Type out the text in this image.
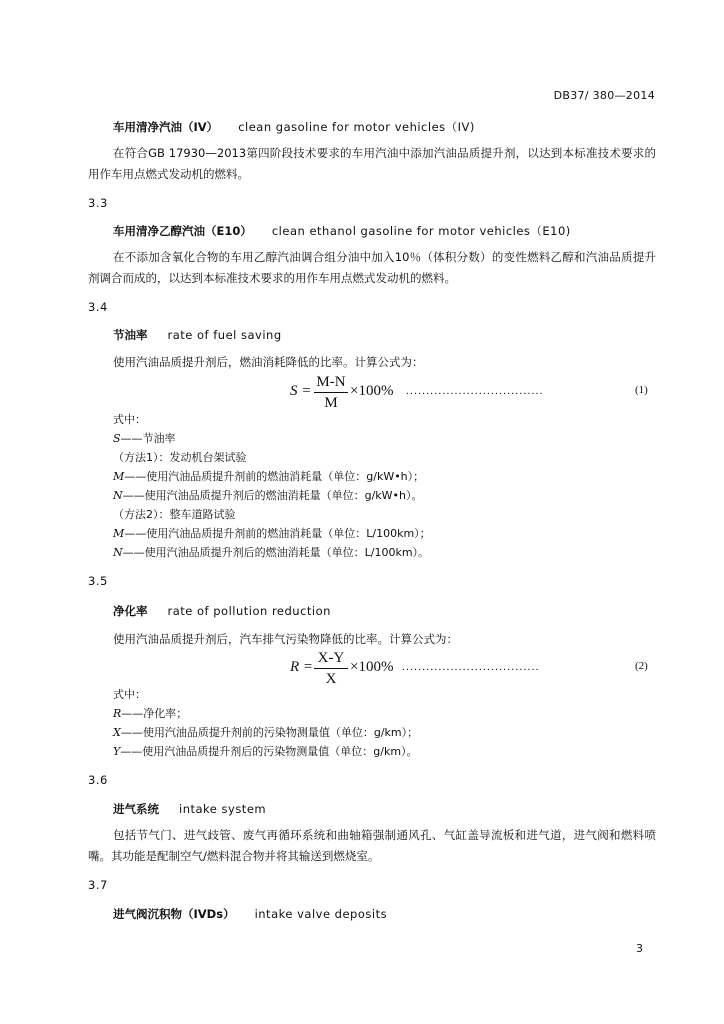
DB37/ 380—2014
车用清净汽油（IV） clean gasoline for motor vehicles（IV)
在符合GB 17930—2013第四阶段技术要求的车用汽油中添加汽油品质提升剂，以达到本标准技术要求的用作车用点燃式发动机的燃料。
3.3
车用清净乙醇汽油（E10） clean ethanol gasoline for motor vehicles（E10)
在不添加含氧化合物的车用乙醇汽油调合组分油中加入10％（体积分数）的变性燃料乙醇和汽油品质提升剂调合而成的，以达到本标准技术要求的用作车用点燃式发动机的燃料。
3.4
节油率 rate of fuel saving
使用汽油品质提升剂后，燃油消耗降低的比率。计算公式为：
S =
M-N
M
×100% ..................................	(1)
式中：
S——节油率
（方法1）：发动机台架试验
M——使用汽油品质提升剂前的燃油消耗量（单位：g/kW•h）；
N——使用汽油品质提升剂后的燃油消耗量（单位：g/kW•h）。
（方法2）：整车道路试验
M——使用汽油品质提升剂前的燃油消耗量（单位：L/100km）；
N——使用汽油品质提升剂后的燃油消耗量（单位：L/100km）。
3.5
净化率 rate of pollution reduction
使用汽油品质提升剂后，汽车排气污染物降低的比率。计算公式为：
R =
X-Y
X
×100% ..................................	(2)
式中：
R——净化率；
X——使用汽油品质提升剂前的污染物测量值（单位：g/km）；
Y——使用汽油品质提升剂后的污染物测量值（单位：g/km）。
3.6
进气系统 intake system
包括节气门、进气歧管、废气再循环系统和曲轴箱强制通风孔、气缸盖导流板和进气道，进气阀和燃料喷嘴。其功能是配制空气/燃料混合物并将其输送到燃烧室。
3.7
进气阀沉积物（IVDs） intake valve deposits
3
